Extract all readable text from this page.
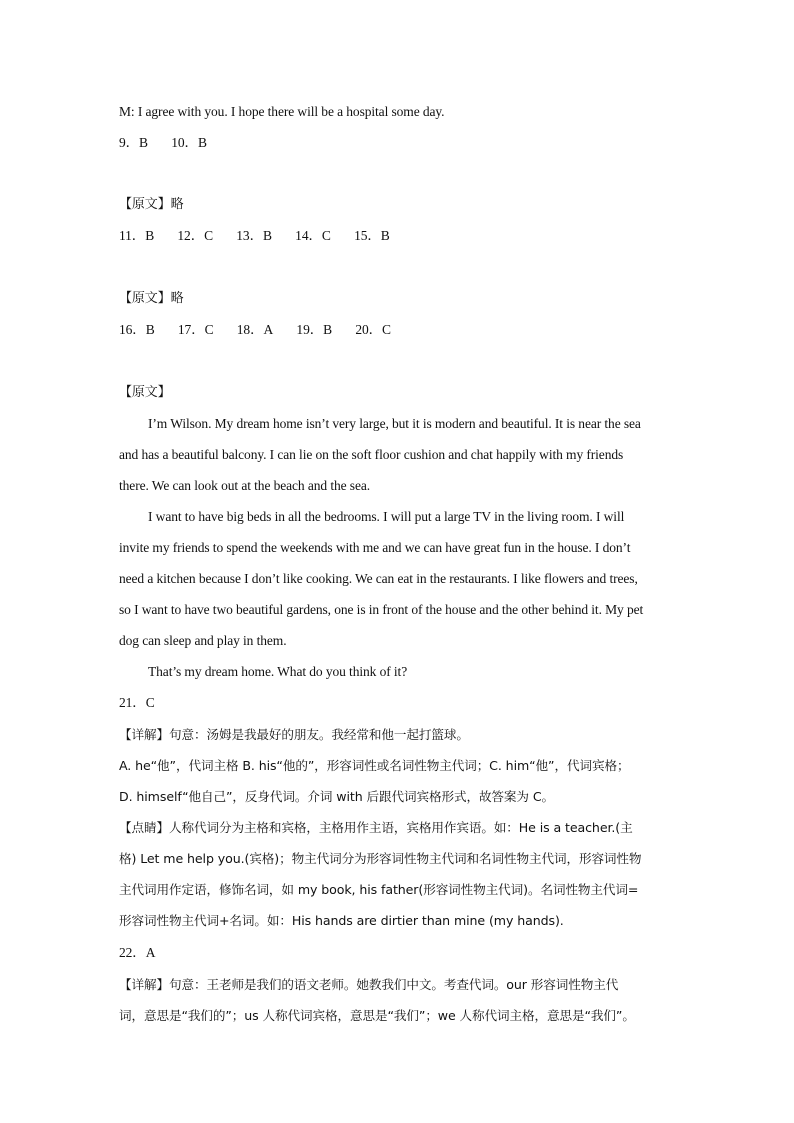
M: I agree with you. I hope there will be a hospital some day.
9．B 10．B
【原文】略
11．B 12．C 13．B 14．C 15．B
【原文】略
16．B 17．C 18．A 19．B 20．C
【原文】
I’m Wilson. My dream home isn’t very large, but it is modern and beautiful. It is near the sea
and has a beautiful balcony. I can lie on the soft floor cushion and chat happily with my friends
there. We can look out at the beach and the sea.
I want to have big beds in all the bedrooms. I will put a large TV in the living room. I will
invite my friends to spend the weekends with me and we can have great fun in the house. I don’t
need a kitchen because I don’t like cooking. We can eat in the restaurants. I like flowers and trees,
so I want to have two beautiful gardens, one is in front of the house and the other behind it. My pet
dog can sleep and play in them.
That’s my dream home. What do you think of it?
21．C
【详解】句意：汤姆是我最好的朋友。我经常和他一起打篮球。
A. he“他”，代词主格 B. his“他的”，形容词性或名词性物主代词；C. him“他”，代词宾格；
D. himself“他自己”，反身代词。介词 with 后跟代词宾格形式，故答案为 C。
【点睛】人称代词分为主格和宾格，主格用作主语，宾格用作宾语。如：He is a teacher.(主
格) Let me help you.(宾格)；物主代词分为形容词性物主代词和名词性物主代词，形容词性物
主代词用作定语，修饰名词，如 my book, his father(形容词性物主代词)。名词性物主代词=
形容词性物主代词+名词。如：His hands are dirtier than mine (my hands).
22．A
【详解】句意：王老师是我们的语文老师。她教我们中文。考查代词。our 形容词性物主代
词，意思是“我们的”；us 人称代词宾格，意思是“我们”；we 人称代词主格，意思是“我们”。
